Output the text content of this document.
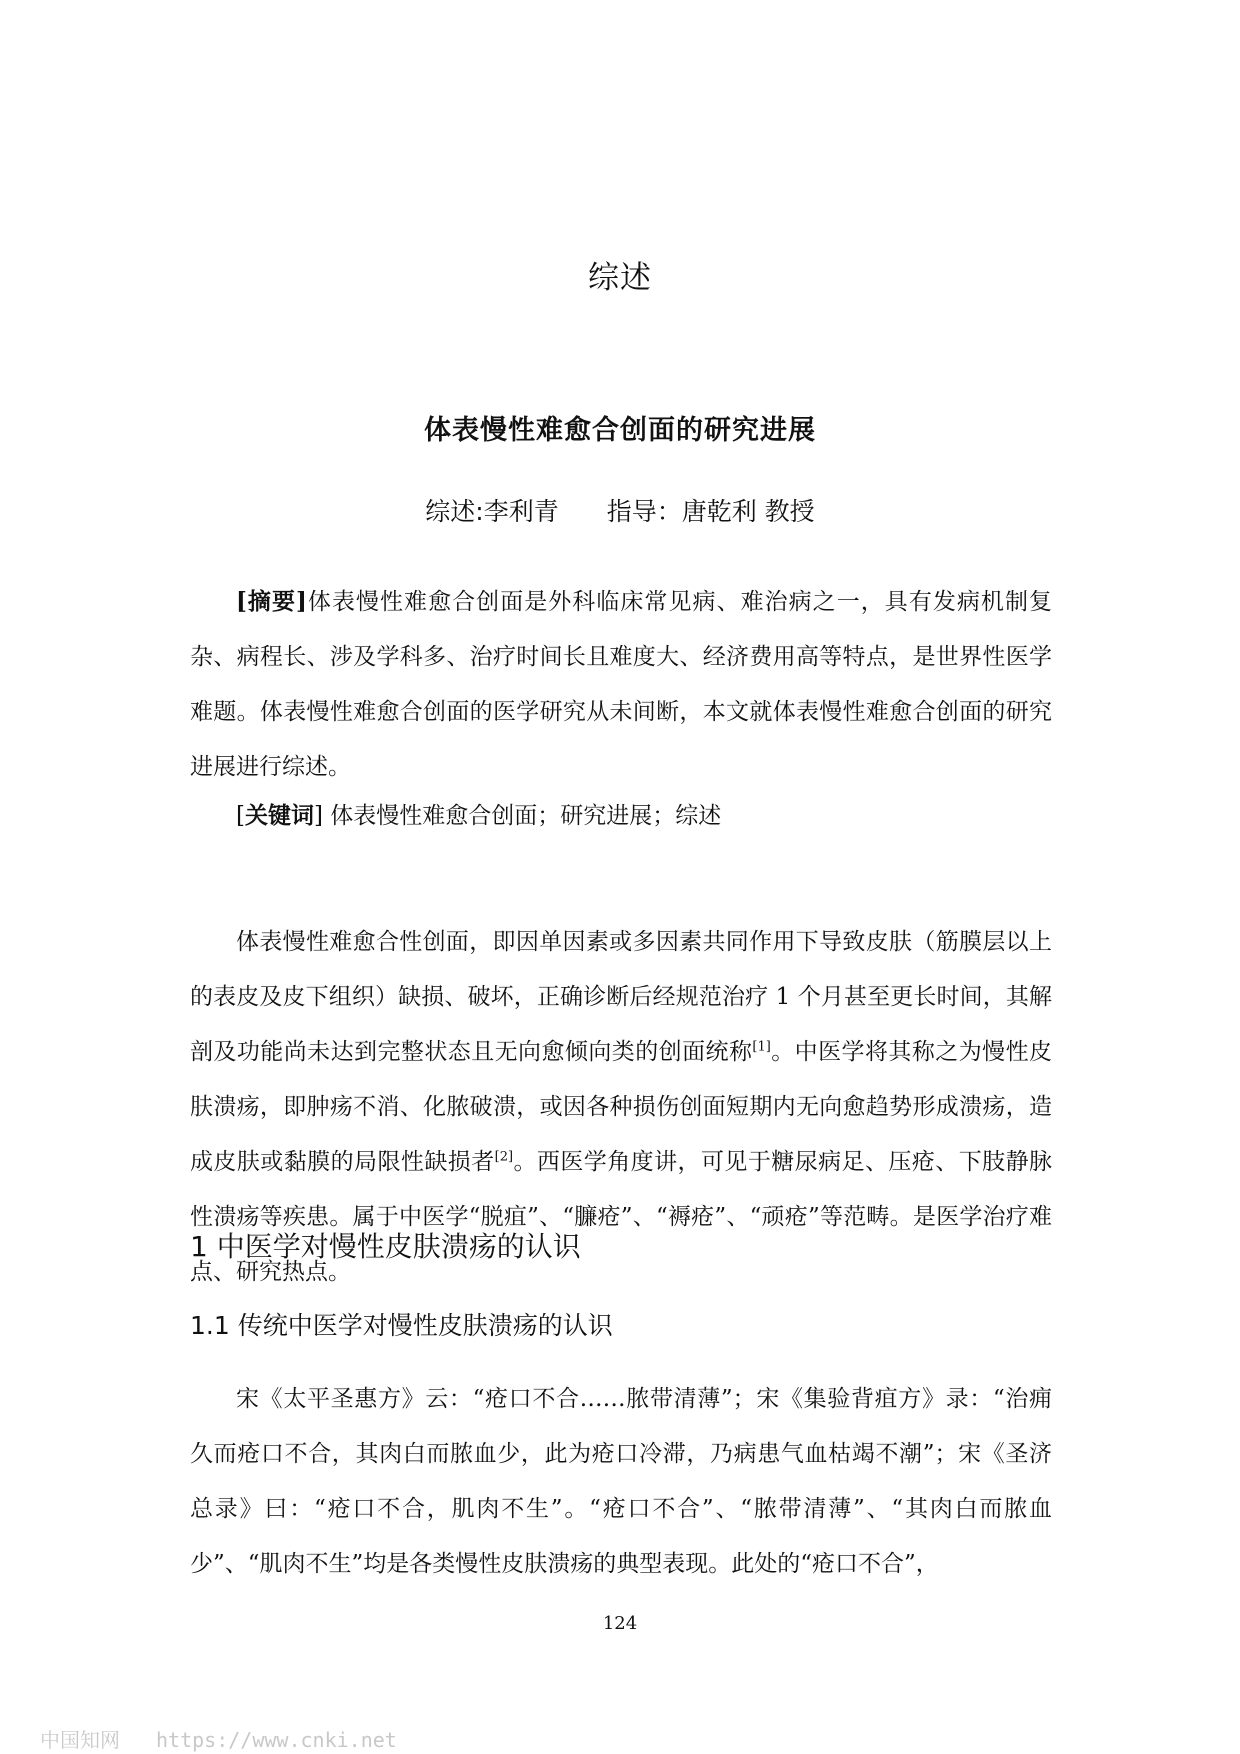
综述
体表慢性难愈合创面的研究进展
综述:李利青 指导：唐乾利 教授
[摘要]体表慢性难愈合创面是外科临床常见病、难治病之一，具有发病机制复杂、病程长、涉及学科多、治疗时间长且难度大、经济费用高等特点，是世界性医学难题。体表慢性难愈合创面的医学研究从未间断，本文就体表慢性难愈合创面的研究进展进行综述。
[关键词] 体表慢性难愈合创面；研究进展；综述
体表慢性难愈合性创面，即因单因素或多因素共同作用下导致皮肤（筋膜层以上的表皮及皮下组织）缺损、破坏，正确诊断后经规范治疗 1 个月甚至更长时间，其解剖及功能尚未达到完整状态且无向愈倾向类的创面统称[1]。中医学将其称之为慢性皮肤溃疡，即肿疡不消、化脓破溃，或因各种损伤创面短期内无向愈趋势形成溃疡，造成皮肤或黏膜的局限性缺损者[2]。西医学角度讲，可见于糖尿病足、压疮、下肢静脉性溃疡等疾患。属于中医学“脱疽”、“臁疮”、“褥疮”、“顽疮”等范畴。是医学治疗难点、研究热点。
1 中医学对慢性皮肤溃疡的认识
1.1 传统中医学对慢性皮肤溃疡的认识
宋《太平圣惠方》云：“疮口不合……脓带清薄”；宋《集验背疽方》录：“治痈久而疮口不合，其肉白而脓血少，此为疮口冷滞，乃病患气血枯竭不潮”；宋《圣济总录》曰：“疮口不合，肌肉不生”。“疮口不合”、“脓带清薄”、“其肉白而脓血少”、“肌肉不生”均是各类慢性皮肤溃疡的典型表现。此处的“疮口不合”，
124
中国知网 https://www.cnki.net
